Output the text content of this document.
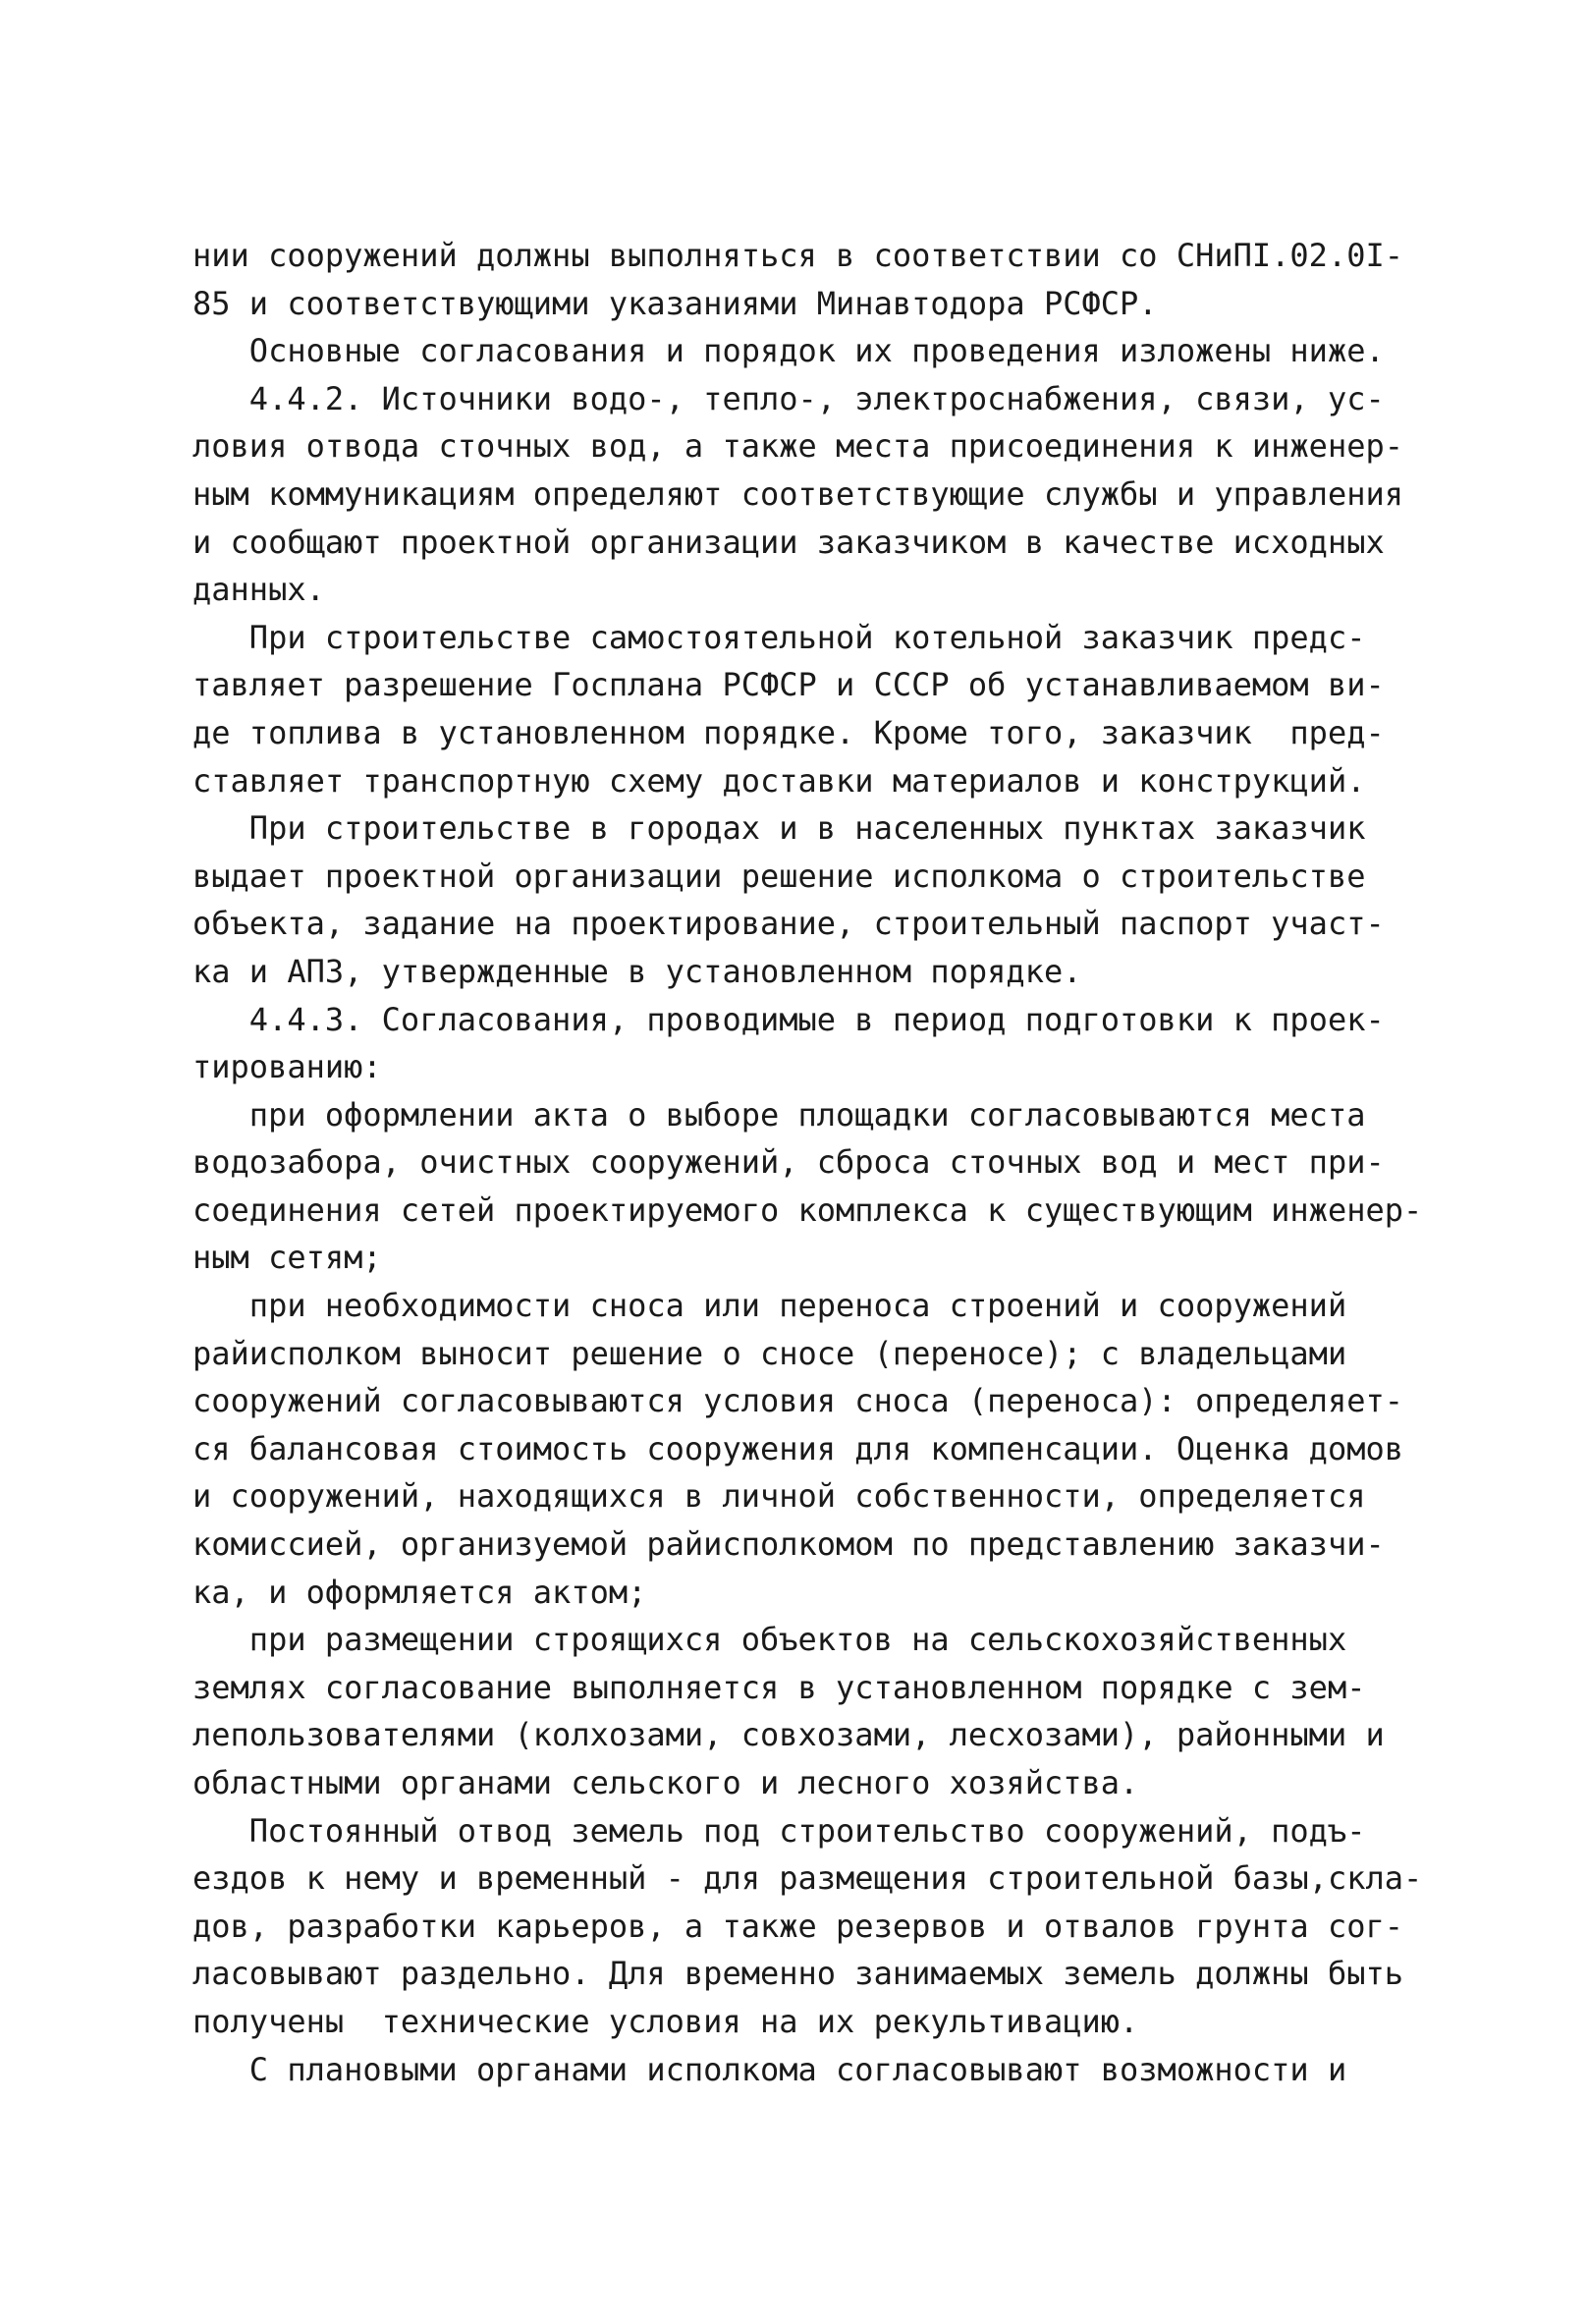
нии сооружений должны выполняться в соответствии со СНиПI.02.0I-
85 и соответствующими указаниями Минавтодора РСФСР.
Основные согласования и порядок их проведения изложены ниже.
4.4.2. Источники водо-, тепло-, электроснабжения, связи, ус-
ловия отвода сточных вод, а также места присоединения к инженер-
ным коммуникациям определяют соответствующие службы и управления
и сообщают проектной организации заказчиком в качестве исходных
данных.
При строительстве самостоятельной котельной заказчик предс-
тавляет разрешение Госплана РСФСР и СССР об устанавливаемом ви-
де топлива в установленном порядке. Кроме того, заказчик  пред-
ставляет транспортную схему доставки материалов и конструкций.
При строительстве в городах и в населенных пунктах заказчик
выдает проектной организации решение исполкома о строительстве
объекта, задание на проектирование, строительный паспорт участ-
ка и АПЗ, утвержденные в установленном порядке.
4.4.3. Согласования, проводимые в период подготовки к проек-
тированию:
при оформлении акта о выборе площадки согласовываются места
водозабора, очистных сооружений, сброса сточных вод и мест при-
соединения сетей проектируемого комплекса к существующим инженер-
ным сетям;
при необходимости сноса или переноса строений и сооружений
райисполком выносит решение о сносе (переносе); с владельцами
сооружений согласовываются условия сноса (переноса): определяет-
ся балансовая стоимость сооружения для компенсации. Оценка домов
и сооружений, находящихся в личной собственности, определяется
комиссией, организуемой райисполкомом по представлению заказчи-
ка, и оформляется актом;
при размещении строящихся объектов на сельскохозяйственных
землях согласование выполняется в установленном порядке с зем-
лепользователями (колхозами, совхозами, лесхозами), районными и
областными органами сельского и лесного хозяйства.
Постоянный отвод земель под строительство сооружений, подъ-
ездов к нему и временный - для размещения строительной базы,скла-
дов, разработки карьеров, а также резервов и отвалов грунта сог-
ласовывают раздельно. Для временно занимаемых земель должны быть
получены  технические условия на их рекультивацию.
С плановыми органами исполкома согласовывают возможности и
